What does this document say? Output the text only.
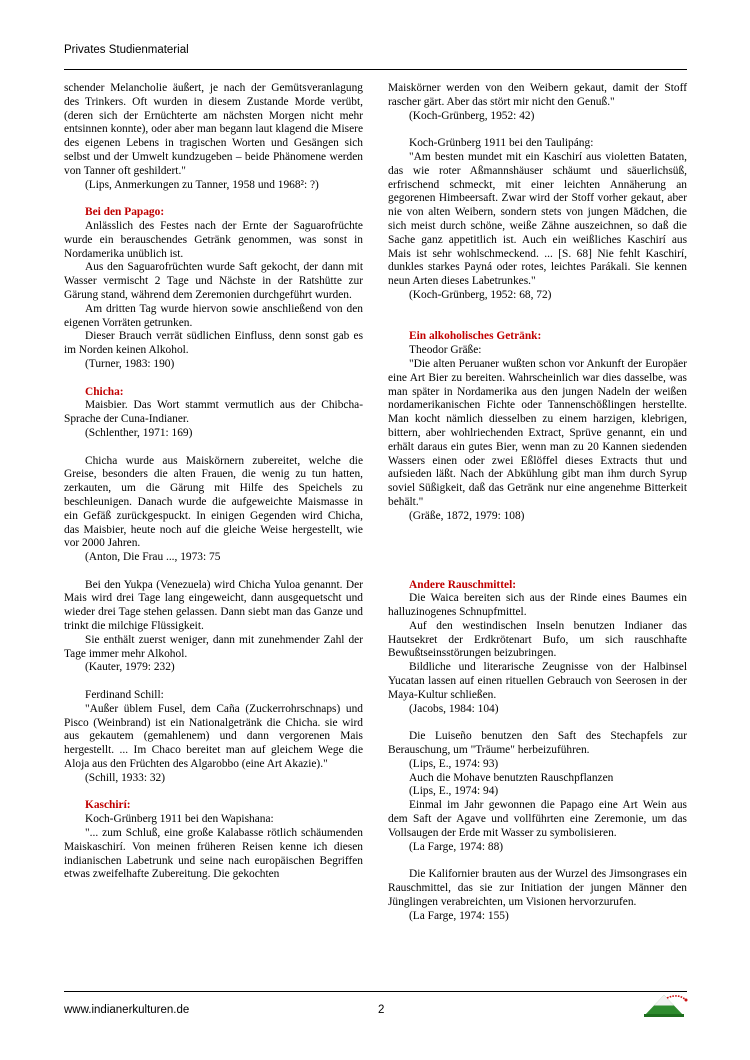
Privates Studienmaterial

schender Melancholie äußert, je nach der Gemütsveranlagung des Trinkers. Oft wurden in diesem Zustande Morde verübt, (deren sich der Ernüchterte am nächsten Morgen nicht mehr entsinnen konnte), oder aber man begann laut klagend die Misere des eigenen Lebens in tragischen Worten und Gesängen sich selbst und der Umwelt kundzugeben – beide Phänomene werden von Tanner oft geshildert."

(Lips, Anmerkungen zu Tanner, 1958 und 1968²: ?)

Bei den Papago:

Anlässlich des Festes nach der Ernte der Saguarofrüchte wurde ein berauschendes Getränk genommen, was sonst in Nordamerika unüblich ist.

Aus den Saguarofrüchten wurde Saft gekocht, der dann mit Wasser vermischt 2 Tage und Nächste in der Ratshütte zur Gärung stand, während dem Zeremonien durchgeführt wurden.

Am dritten Tag wurde hiervon sowie anschließend von den eigenen Vorräten getrunken.

Dieser Brauch verrät südlichen Einfluss, denn sonst gab es im Norden keinen Alkohol.

(Turner, 1983: 190)

Chicha:

Maisbier. Das Wort stammt vermutlich aus der Chibcha-Sprache der Cuna-Indianer.

(Schlenther, 1971: 169)

Chicha wurde aus Maiskörnern zubereitet, welche die Greise, besonders die alten Frauen, die wenig zu tun hatten, zerkauten, um die Gärung mit Hilfe des Speichels zu beschleunigen. Danach wurde die aufgeweichte Maismasse in ein Gefäß zurückgespuckt. In einigen Gegenden wird Chicha, das Maisbier, heute noch auf die gleiche Weise hergestellt, wie vor 2000 Jahren.

(Anton, Die Frau ..., 1973: 75

Bei den Yukpa (Venezuela) wird Chicha Yuloa genannt. Der Mais wird drei Tage lang eingeweicht, dann ausgequetscht und wieder drei Tage stehen gelassen. Dann siebt man das Ganze und trinkt die milchige Flüssigkeit.

Sie enthält zuerst weniger, dann mit zunehmender Zahl der Tage immer mehr Alkohol.

(Kauter, 1979: 232)

Ferdinand Schill:

"Außer üblem Fusel, dem Caña (Zuckerrohrschnaps) und Pisco (Weinbrand) ist ein Nationalgetränk die Chicha. sie wird aus gekautem (gemahlenem) und dann vergorenen Mais hergestellt. ... Im Chaco bereitet man auf gleichem Wege die Aloja aus den Früchten des Algarobbo (eine Art Akazie)."

(Schill, 1933: 32)

Kaschirí:

Koch-Grünberg 1911 bei den Wapishana:

"... zum Schluß, eine große Kalabasse rötlich schäumenden Maiskaschirí. Von meinen früheren Reisen kenne ich diesen indianischen Labetrunk und seine nach europäischen Begriffen etwas zweifelhafte Zubereitung. Die gekochten

Maiskörner werden von den Weibern gekaut, damit der Stoff rascher gärt. Aber das stört mir nicht den Genuß."

(Koch-Grünberg, 1952: 42)

Koch-Grünberg 1911 bei den Taulipáng:

"Am besten mundet mit ein Kaschirí aus violetten Bataten, das wie roter Aßmannshäuser schäumt und säuerlichsüß, erfrischend schmeckt, mit einer leichten Annäherung an gegorenen Himbeersaft. Zwar wird der Stoff vorher gekaut, aber nie von alten Weibern, sondern stets von jungen Mädchen, die sich meist durch schöne, weiße Zähne auszeichnen, so daß die Sache ganz appetitlich ist. Auch ein weißliches Kaschirí aus Mais ist sehr wohlschmeckend. ... [S. 68] Nie fehlt Kaschirí, dunkles starkes Payná oder rotes, leichtes Parákali. Sie kennen neun Arten dieses Labetrunkes."

(Koch-Grünberg, 1952: 68, 72)

Ein alkoholisches Getränk:

Theodor Gräße:

"Die alten Peruaner wußten schon vor Ankunft der Europäer eine Art Bier zu bereiten. Wahrscheinlich war dies dasselbe, was man später in Nordamerika aus den jungen Nadeln der weißen nordamerikanischen Fichte oder Tannenschößlingen herstellte. Man kocht nämlich diesselben zu einem harzigen, klebrigen, bittern, aber wohlriechenden Extract, Sprüve genannt, ein und erhält daraus ein gutes Bier, wenn man zu 20 Kannen siedenden Wassers einen oder zwei Eßlöffel dieses Extracts thut und aufsieden läßt. Nach der Abkühlung gibt man ihm durch Syrup soviel Süßigkeit, daß das Getränk nur eine angenehme Bitterkeit behält."

(Gräße, 1872, 1979: 108)

Andere Rauschmittel:

Die Waica bereiten sich aus der Rinde eines Baumes ein halluzinogenes Schnupfmittel.

Auf den westindischen Inseln benutzen Indianer das Hautsekret der Erdkrötenart Bufo, um sich rauschhafte Bewußtseinsstörungen beizubringen.

Bildliche und literarische Zeugnisse von der Halbinsel Yucatan lassen auf einen rituellen Gebrauch von Seerosen in der Maya-Kultur schließen.

(Jacobs, 1984: 104)

Die Luiseño benutzen den Saft des Stechapfels zur Berauschung, um "Träume" herbeizuführen.

(Lips, E., 1974: 93)

Auch die Mohave benutzten Rauschpflanzen

(Lips, E., 1974: 94)

Einmal im Jahr gewonnen die Papago eine Art Wein aus dem Saft der Agave und vollführten eine Zeremonie, um das Vollsaugen der Erde mit Wasser zu symbolisieren.

(La Farge, 1974: 88)

Die Kalifornier brauten aus der Wurzel des Jimsongrases ein Rauschmittel, das sie zur Initiation der jungen Männer den Jünglingen verabreichten, um Visionen hervorzurufen.

(La Farge, 1974: 155)

www.indianerkulturen.de	2
